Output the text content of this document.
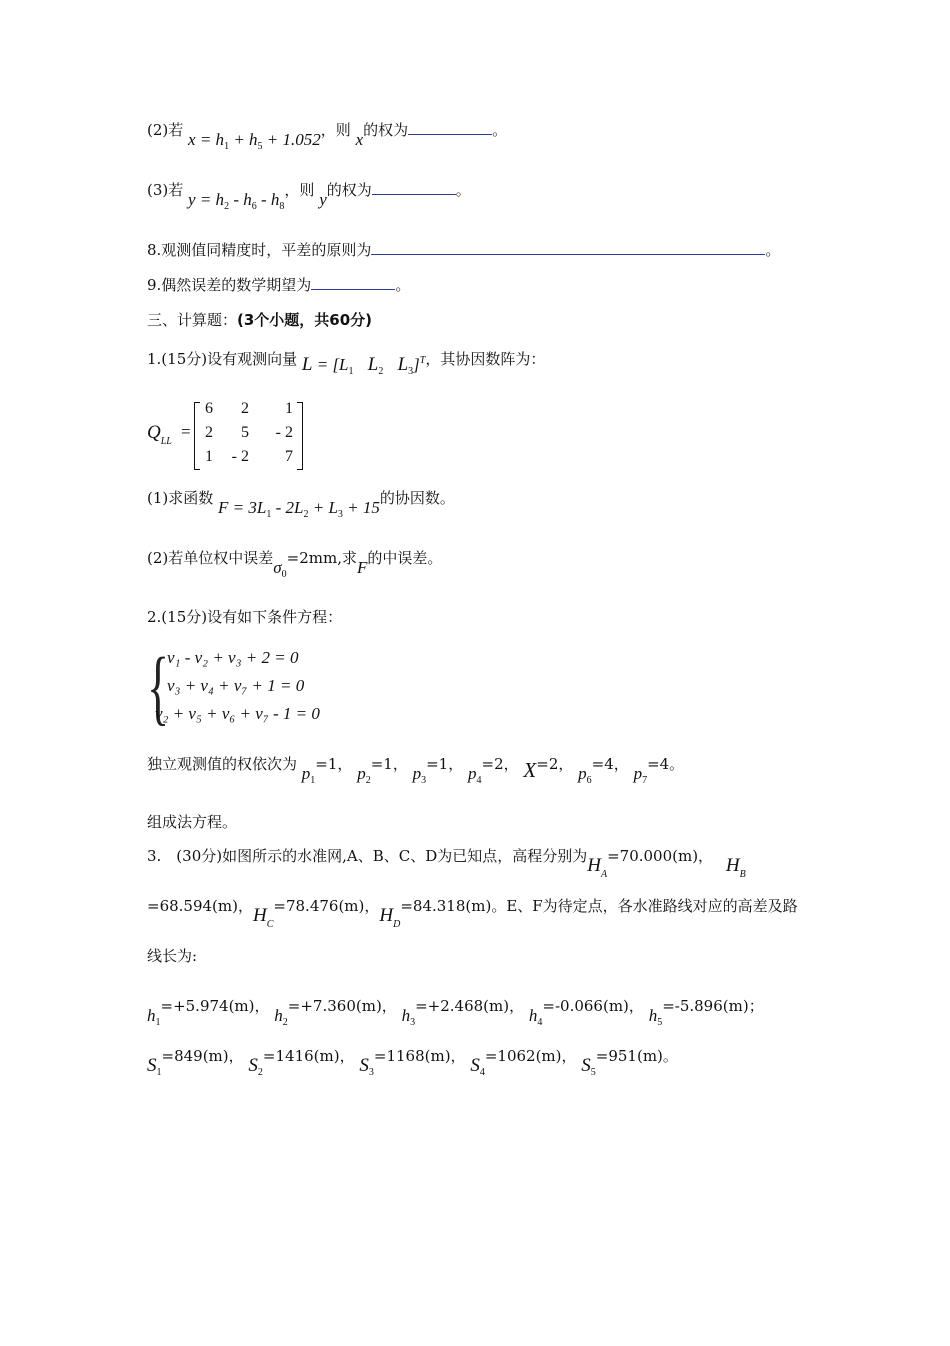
(2)若 $x = h_1 + h_5 + 1.052$，则 x的权为	。
(3)若 $y = h_2 - h_6 - h_8$，则 y的权为	。
8.观测值同精度时，平差的原则为	。
9.偶然误差的数学期望为	。
三、计算题：(3个小题，共60分)
1.(15分)设有观测向量 $L = [L_1$ $L_2$ $L_3]^T$，其协因数阵为：
$Q_{LL}$
=
6	2	1
2	5	- 2
1	- 2	7
(1)求函数 $F = 3L_1 - 2L_2 + L_3 + 15$的协因数。
(2)若单位权中误差$\sigma_0=2mm$,求F的中误差。
2.(15分)设有如下条件方程：
{
v₁ - v₂ + v₃ + 2 = 0
v₃ + v₄ + v₇ + 1 = 0
v₂ + v₅ + v₆ + v₇ - 1 = 0
独立观测值的权依次为 $p_1=1$， $p_2=1$， $p_3=1$， $p_4=2$， X=2， $p_6=4$， $p_7=4$。
组成法方程。
3.　(30分)如图所示的水准网,A、B、C、D为已知点，高程分别为$H_A=70.000(m)$， $H_B$
=68.594(m)，$H_C=78.476(m)$，$H_D=84.318(m)$。E、F为待定点，各水准路线对应的高差及路
线长为:
$h_1=+5.974(m)$， $h_2=+7.360(m)$， $h_3=+2.468(m)$， $h_4=-0.066(m)$， $h_5=-5.896(m)$；
$S_1=849(m)$， $S_2=1416(m)$， $S_3=1168(m)$， $S_4=1062(m)$， $S_5=951(m)$。
